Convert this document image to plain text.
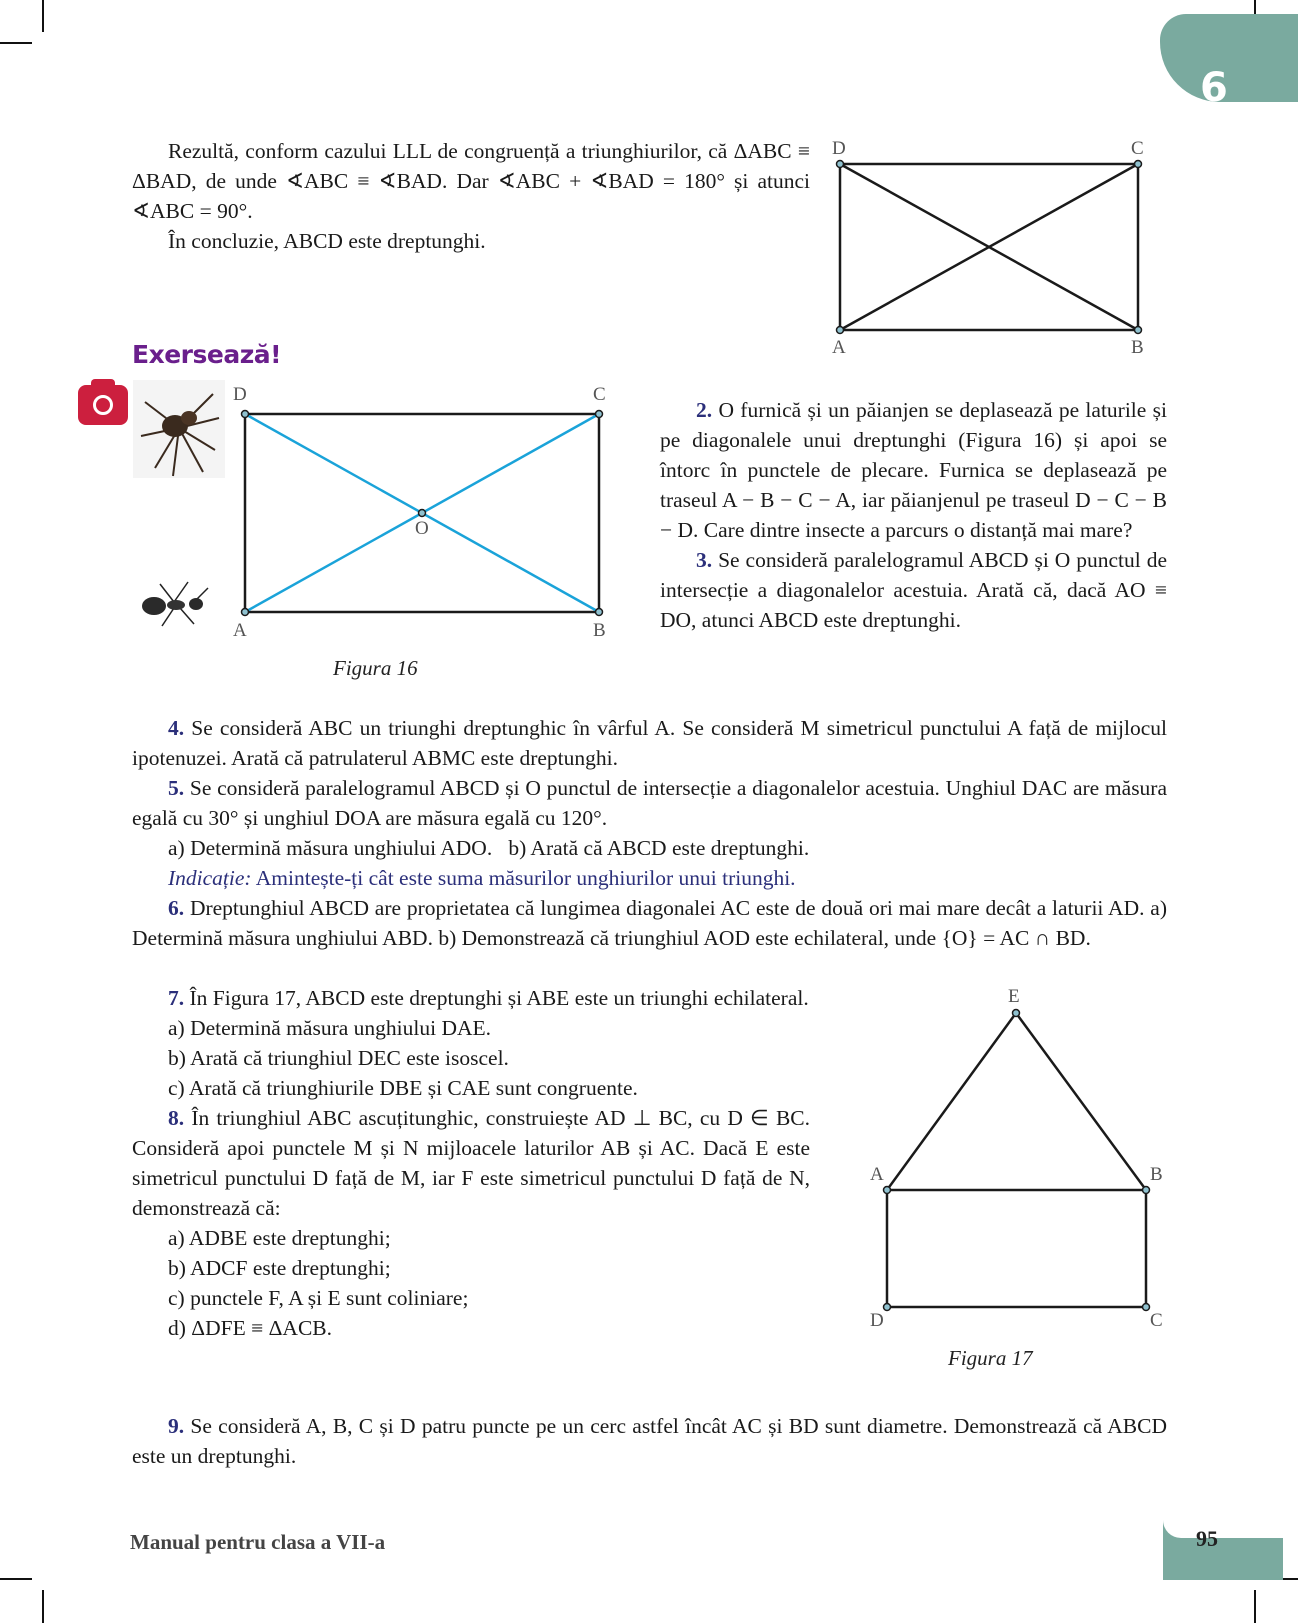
6

Rezultă, conform cazului LLL de congruență a triunghiurilor, că ΔABC ≡ ΔBAD, de unde ∢ABC ≡ ∢BAD. Dar ∢ABC + ∢BAD = 180° și atunci ∢ABC = 90°.

În concluzie, ABCD este dreptunghi.

D	C
A	B
Exersează!
D	C
A	B
O
Figura 16

2. O furnică și un păianjen se deplasează pe laturile și pe diagonalele unui dreptunghi (Figura 16) și apoi se întorc în punctele de plecare. Furnica se deplasează pe traseul A − B − C − A, iar păianjenul pe traseul D − C − B − D. Care dintre insecte a parcurs o distanță mai mare?

3. Se consideră paralelogramul ABCD și O punctul de intersecție a diagonalelor acestuia. Arată că, dacă AO ≡ DO, atunci ABCD este dreptunghi.

4. Se consideră ABC un triunghi dreptunghic în vârful A. Se consideră M simetricul punctului A față de mijlocul ipotenuzei. Arată că patrulaterul ABMC este dreptunghi.

5. Se consideră paralelogramul ABCD și O punctul de intersecție a diagonalelor acestuia. Unghiul DAC are măsura egală cu 30° și unghiul DOA are măsura egală cu 120°.

a) Determină măsura unghiului ADO.   b) Arată că ABCD este dreptunghi.

Indicație: Amintește-ți cât este suma măsurilor unghiurilor unui triunghi.

6. Dreptunghiul ABCD are proprietatea că lungimea diagonalei AC este de două ori mai mare decât a laturii AD. a) Determină măsura unghiului ABD. b) Demonstrează că triunghiul AOD este echilateral, unde {O} = AC ∩ BD.

7. În Figura 17, ABCD este dreptunghi și ABE este un triunghi echilateral.

a) Determină măsura unghiului DAE.

b) Arată că triunghiul DEC este isoscel.

c) Arată că triunghiurile DBE și CAE sunt congruente.

8. În triunghiul ABC ascuțitunghic, construiește AD ⊥ BC, cu D ∈ BC. Consideră apoi punctele M și N mijloacele laturilor AB și AC. Dacă E este simetricul punctului D față de M, iar F este simetricul punctului D față de N, demonstrează că:

a) ADBE este dreptunghi;

b) ADCF este dreptunghi;

c) punctele F, A și E sunt coliniare;

d) ΔDFE ≡ ΔACB.

E
A	B
D	C
Figura 17

9. Se consideră A, B, C și D patru puncte pe un cerc astfel încât AC și BD sunt diametre. Demonstrează că ABCD este un dreptunghi.

Manual pentru clasa a VII-a	95
